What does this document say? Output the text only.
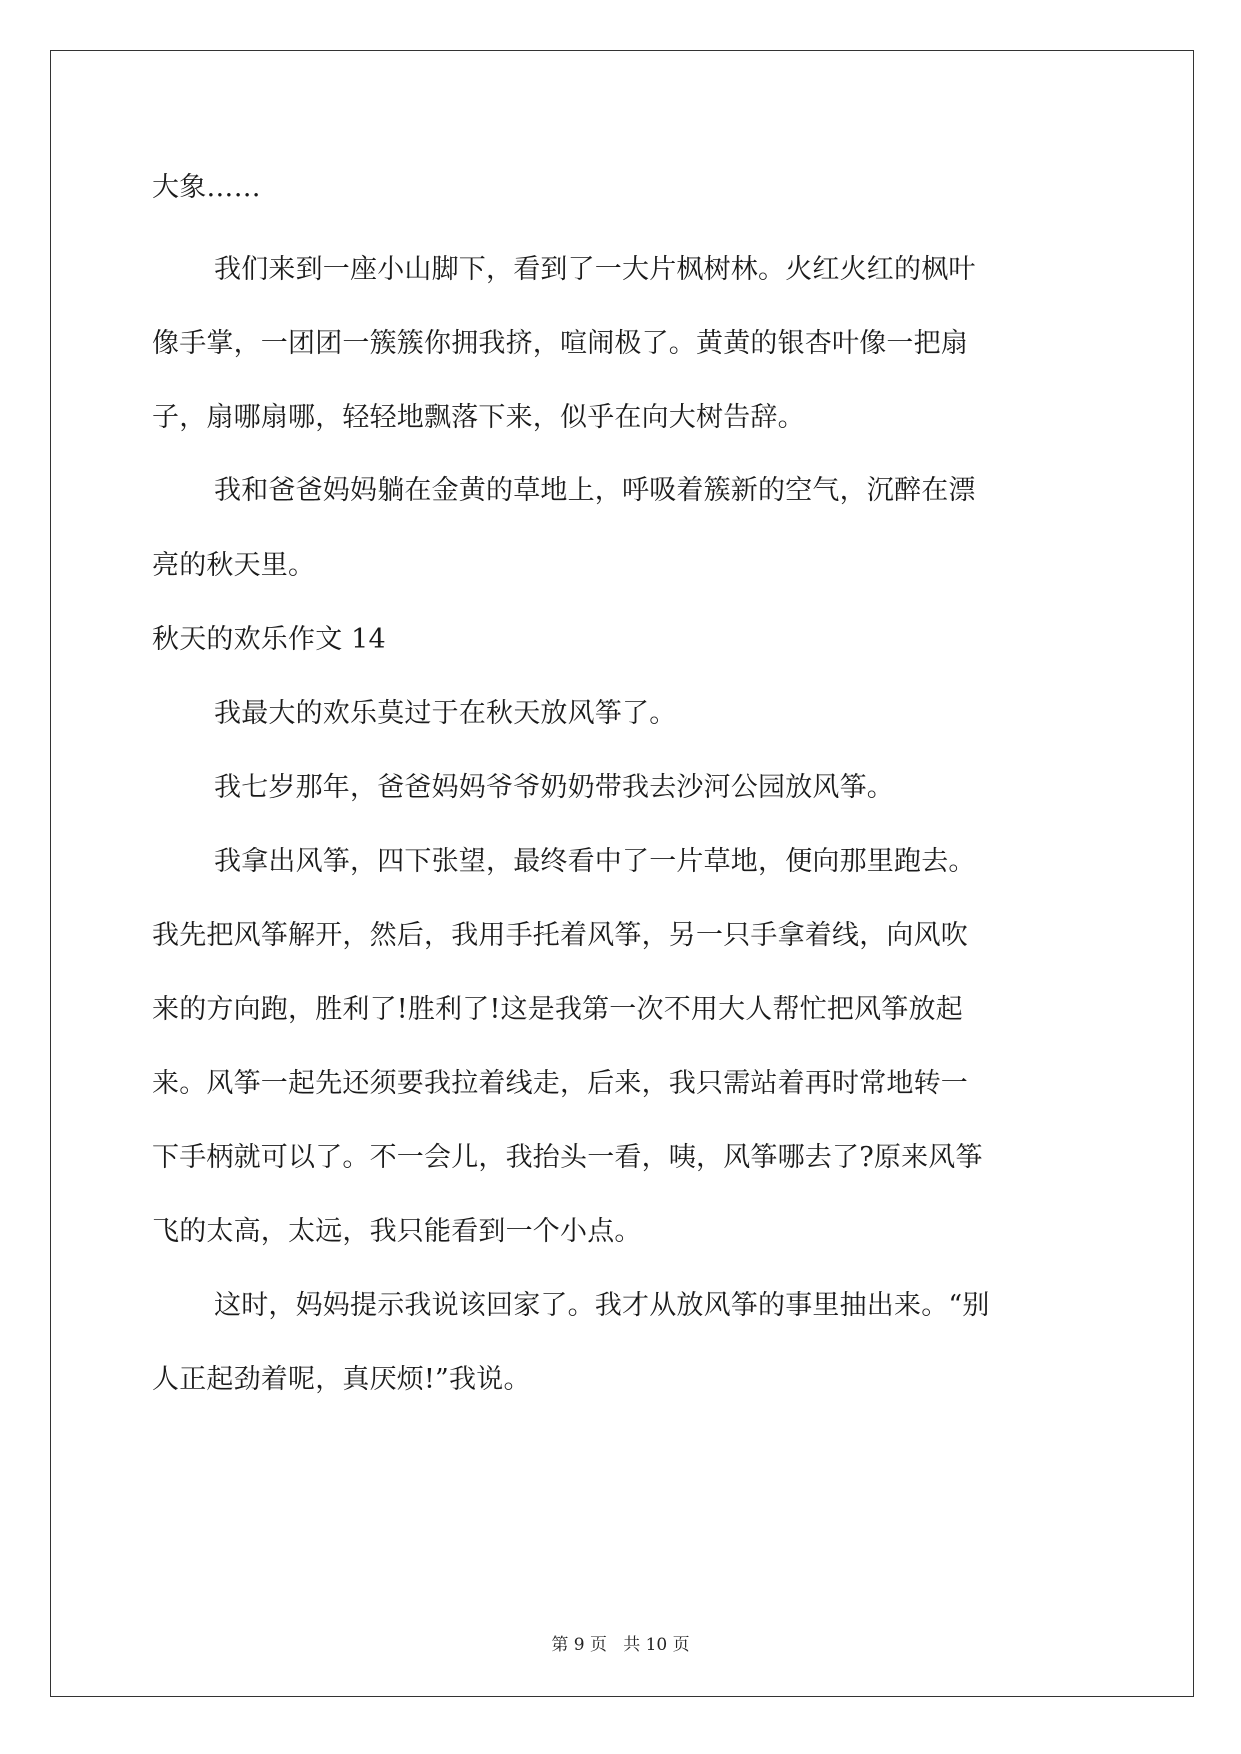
大象……
我们来到一座小山脚下，看到了一大片枫树林。火红火红的枫叶
像手掌，一团团一簇簇你拥我挤，喧闹极了。黄黄的银杏叶像一把扇
子，扇哪扇哪，轻轻地飘落下来，似乎在向大树告辞。
我和爸爸妈妈躺在金黄的草地上，呼吸着簇新的空气，沉醉在漂
亮的秋天里。
秋天的欢乐作文 14
我最大的欢乐莫过于在秋天放风筝了。
我七岁那年，爸爸妈妈爷爷奶奶带我去沙河公园放风筝。
我拿出风筝，四下张望，最终看中了一片草地，便向那里跑去。
我先把风筝解开，然后，我用手托着风筝，另一只手拿着线，向风吹
来的方向跑，胜利了!胜利了!这是我第一次不用大人帮忙把风筝放起
来。风筝一起先还须要我拉着线走，后来，我只需站着再时常地转一
下手柄就可以了。不一会儿，我抬头一看，咦，风筝哪去了?原来风筝
飞的太高，太远，我只能看到一个小点。
这时，妈妈提示我说该回家了。我才从放风筝的事里抽出来。“别
人正起劲着呢，真厌烦!”我说。
第 9 页   共 10 页
